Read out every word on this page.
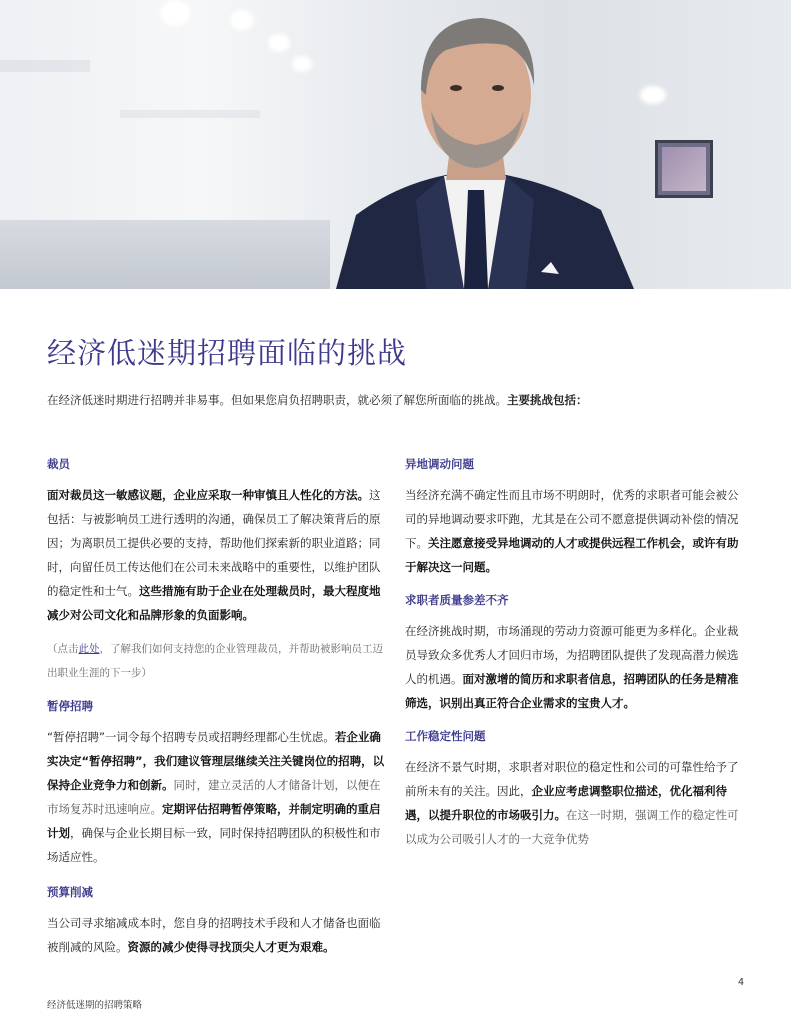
经济低迷期招聘面临的挑战
在经济低迷时期进行招聘并非易事。但如果您肩负招聘职责，就必须了解您所面临的挑战。主要挑战包括：

裁员

面对裁员这一敏感议题，企业应采取一种审慎且人性化的方法。这包括：与被影响员工进行透明的沟通，确保员工了解决策背后的原因；为离职员工提供必要的支持，帮助他们探索新的职业道路；同时，向留任员工传达他们在公司未来战略中的重要性，以维护团队的稳定性和士气。这些措施有助于企业在处理裁员时，最大程度地减少对公司文化和品牌形象的负面影响。

（点击此处，了解我们如何支持您的企业管理裁员，并帮助被影响员工迈出职业生涯的下一步）

暂停招聘

“暂停招聘”一词令每个招聘专员或招聘经理都心生忧虑。若企业确实决定“暂停招聘”，我们建议管理层继续关注关键岗位的招聘，以保持企业竞争力和创新。同时，建立灵活的人才储备计划，以便在市场复苏时迅速响应。定期评估招聘暂停策略，并制定明确的重启计划，确保与企业长期目标一致，同时保持招聘团队的积极性和市场适应性。

预算削减

当公司寻求缩减成本时，您自身的招聘技术手段和人才储备也面临被削减的风险。资源的减少使得寻找顶尖人才更为艰难。

异地调动问题

当经济充满不确定性而且市场不明朗时，优秀的求职者可能会被公司的异地调动要求吓跑，尤其是在公司不愿意提供调动补偿的情况下。关注愿意接受异地调动的人才或提供远程工作机会，或许有助于解决这一问题。

求职者质量参差不齐

在经济挑战时期，市场涌现的劳动力资源可能更为多样化。企业裁员导致众多优秀人才回归市场，为招聘团队提供了发现高潜力候选人的机遇。面对激增的简历和求职者信息，招聘团队的任务是精准筛选，识别出真正符合企业需求的宝贵人才。

工作稳定性问题

在经济不景气时期，求职者对职位的稳定性和公司的可靠性给予了前所未有的关注。因此，企业应考虑调整职位描述，优化福利待遇，以提升职位的市场吸引力。在这一时期，强调工作的稳定性可以成为公司吸引人才的一大竞争优势

4
经济低迷期的招聘策略
